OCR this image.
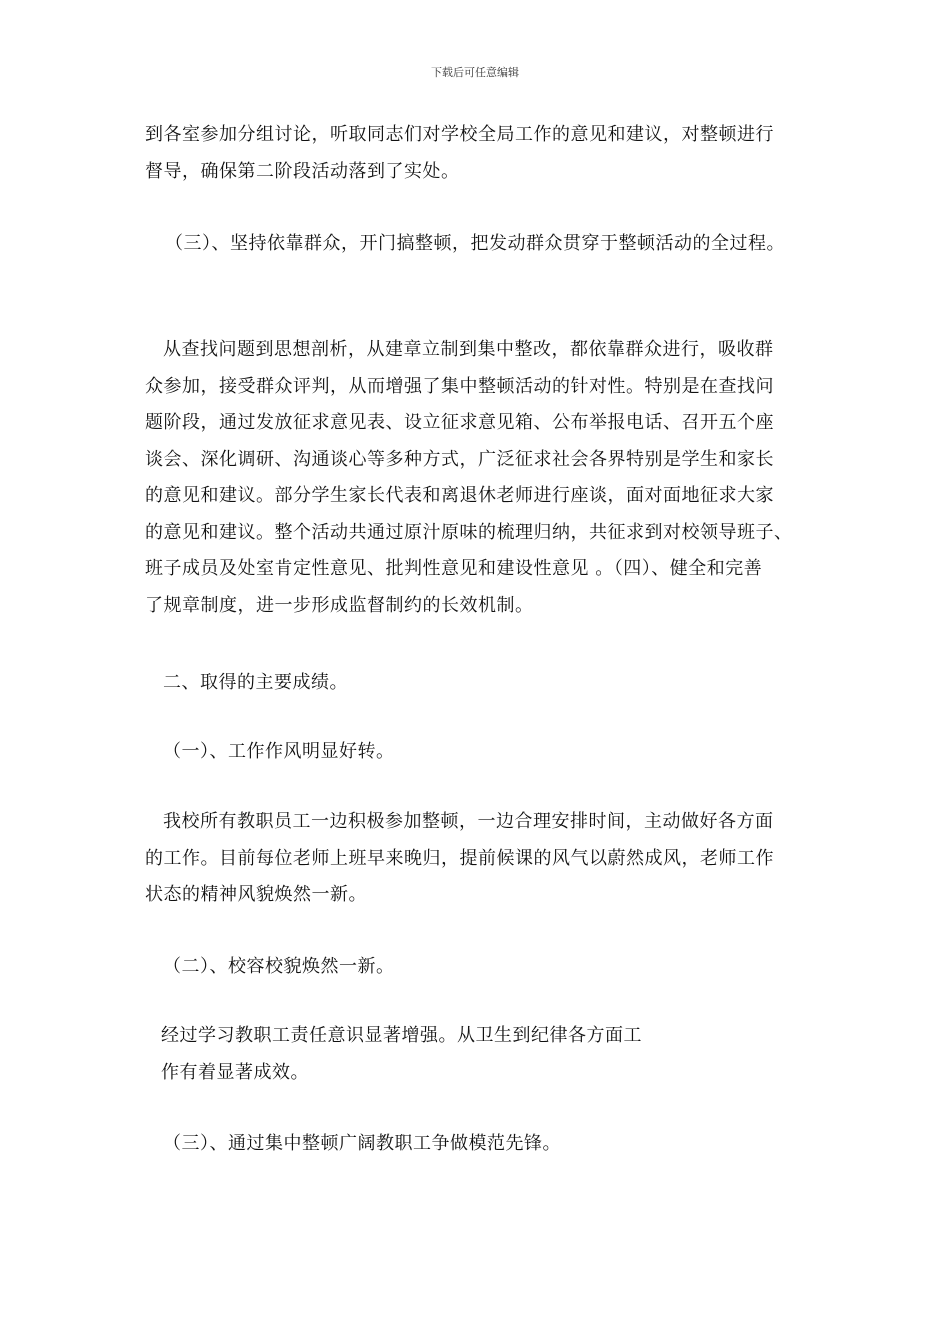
下载后可任意编辑
到各室参加分组讨论，听取同志们对学校全局工作的意见和建议，对整顿进行
督导，确保第二阶段活动落到了实处。
（三）、坚持依靠群众，开门搞整顿，把发动群众贯穿于整顿活动的全过程。
从查找问题到思想剖析，从建章立制到集中整改，都依靠群众进行，吸收群
众参加，接受群众评判，从而增强了集中整顿活动的针对性。特别是在查找问
题阶段，通过发放征求意见表、设立征求意见箱、公布举报电话、召开五个座
谈会、深化调研、沟通谈心等多种方式，广泛征求社会各界特别是学生和家长
的意见和建议。部分学生家长代表和离退休老师进行座谈，面对面地征求大家
的意见和建议。整个活动共通过原汁原味的梳理归纳，共征求到对校领导班子、
班子成员及处室肯定性意见、批判性意见和建设性意见 。（四）、健全和完善
了规章制度，进一步形成监督制约的长效机制。
二、取得的主要成绩。
（一）、工作作风明显好转。
我校所有教职员工一边积极参加整顿，一边合理安排时间，主动做好各方面
的工作。目前每位老师上班早来晚归，提前候课的风气以蔚然成风，老师工作
状态的精神风貌焕然一新。
（二）、校容校貌焕然一新。
经过学习教职工责任意识显著增强。从卫生到纪律各方面工
作有着显著成效。
（三）、通过集中整顿广阔教职工争做模范先锋。
